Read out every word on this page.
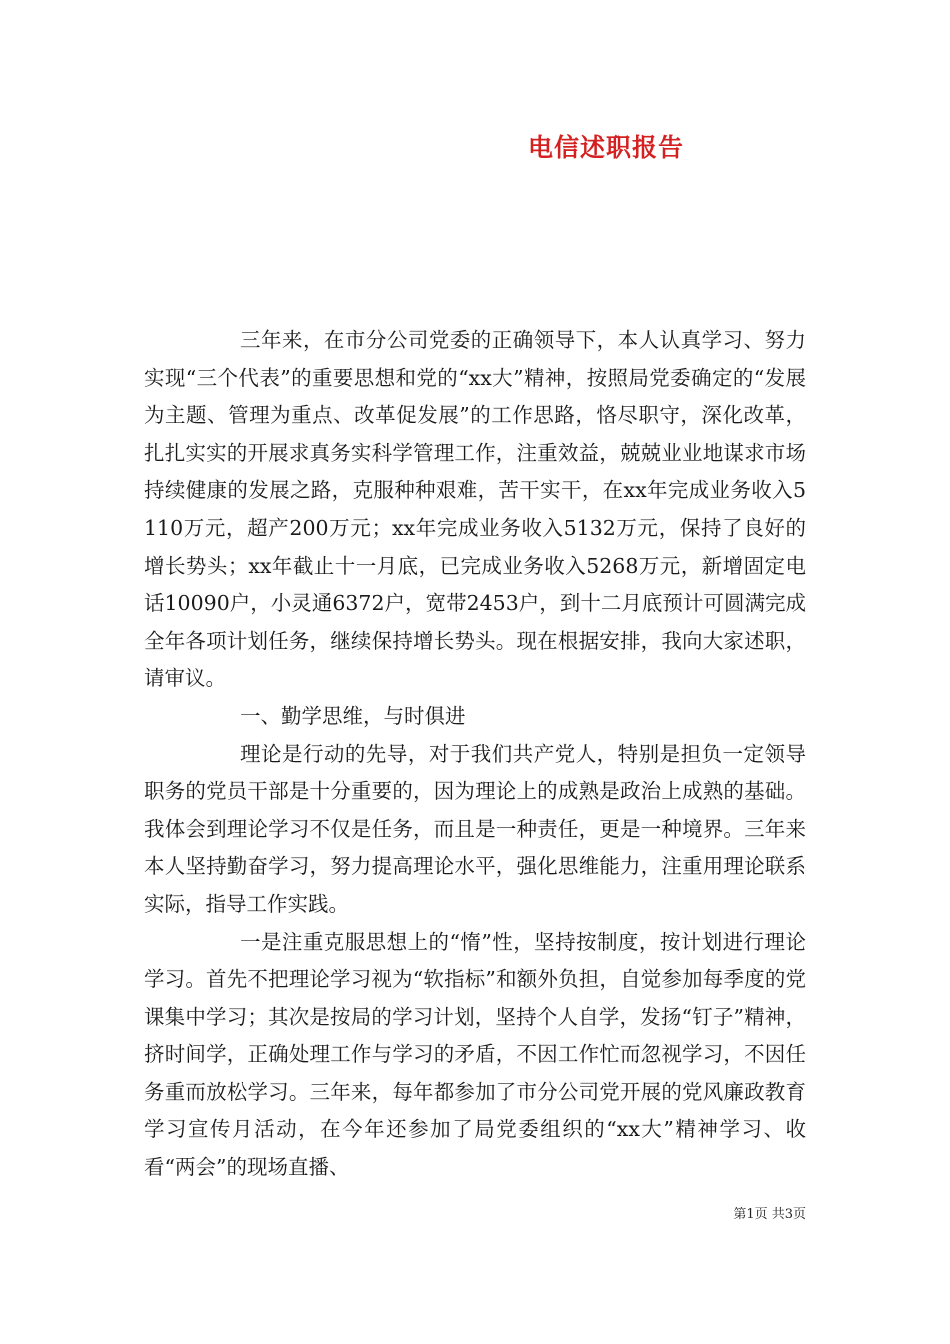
电信述职报告

三年来，在市分公司党委的正确领导下，本人认真学习、努力实现“三个代表”的重要思想和党的“xx大”精神，按照局党委确定的“发展为主题、管理为重点、改革促发展”的工作思路，恪尽职守，深化改革，扎扎实实的开展求真务实科学管理工作，注重效益，兢兢业业地谋求市场持续健康的发展之路，克服种种艰难，苦干实干，在xx年完成业务收入5110万元，超产200万元；xx年完成业务收入5132万元，保持了良好的增长势头；xx年截止十一月底，已完成业务收入5268万元，新增固定电话10090户，小灵通6372户，宽带2453户，到十二月底预计可圆满完成全年各项计划任务，继续保持增长势头。现在根据安排，我向大家述职，请审议。

一、勤学思维，与时俱进

理论是行动的先导，对于我们共产党人，特别是担负一定领导职务的党员干部是十分重要的，因为理论上的成熟是政治上成熟的基础。我体会到理论学习不仅是任务，而且是一种责任，更是一种境界。三年来本人坚持勤奋学习，努力提高理论水平，强化思维能力，注重用理论联系实际，指导工作实践。

一是注重克服思想上的“惰”性，坚持按制度，按计划进行理论学习。首先不把理论学习视为“软指标”和额外负担，自觉参加每季度的党课集中学习；其次是按局的学习计划，坚持个人自学，发扬“钉子”精神，挤时间学，正确处理工作与学习的矛盾，不因工作忙而忽视学习，不因任务重而放松学习。三年来，每年都参加了市分公司党开展的党风廉政教育学习宣传月活动，在今年还参加了局党委组织的“xx大”精神学习、收看“两会”的现场直播、

第1页 共3页
